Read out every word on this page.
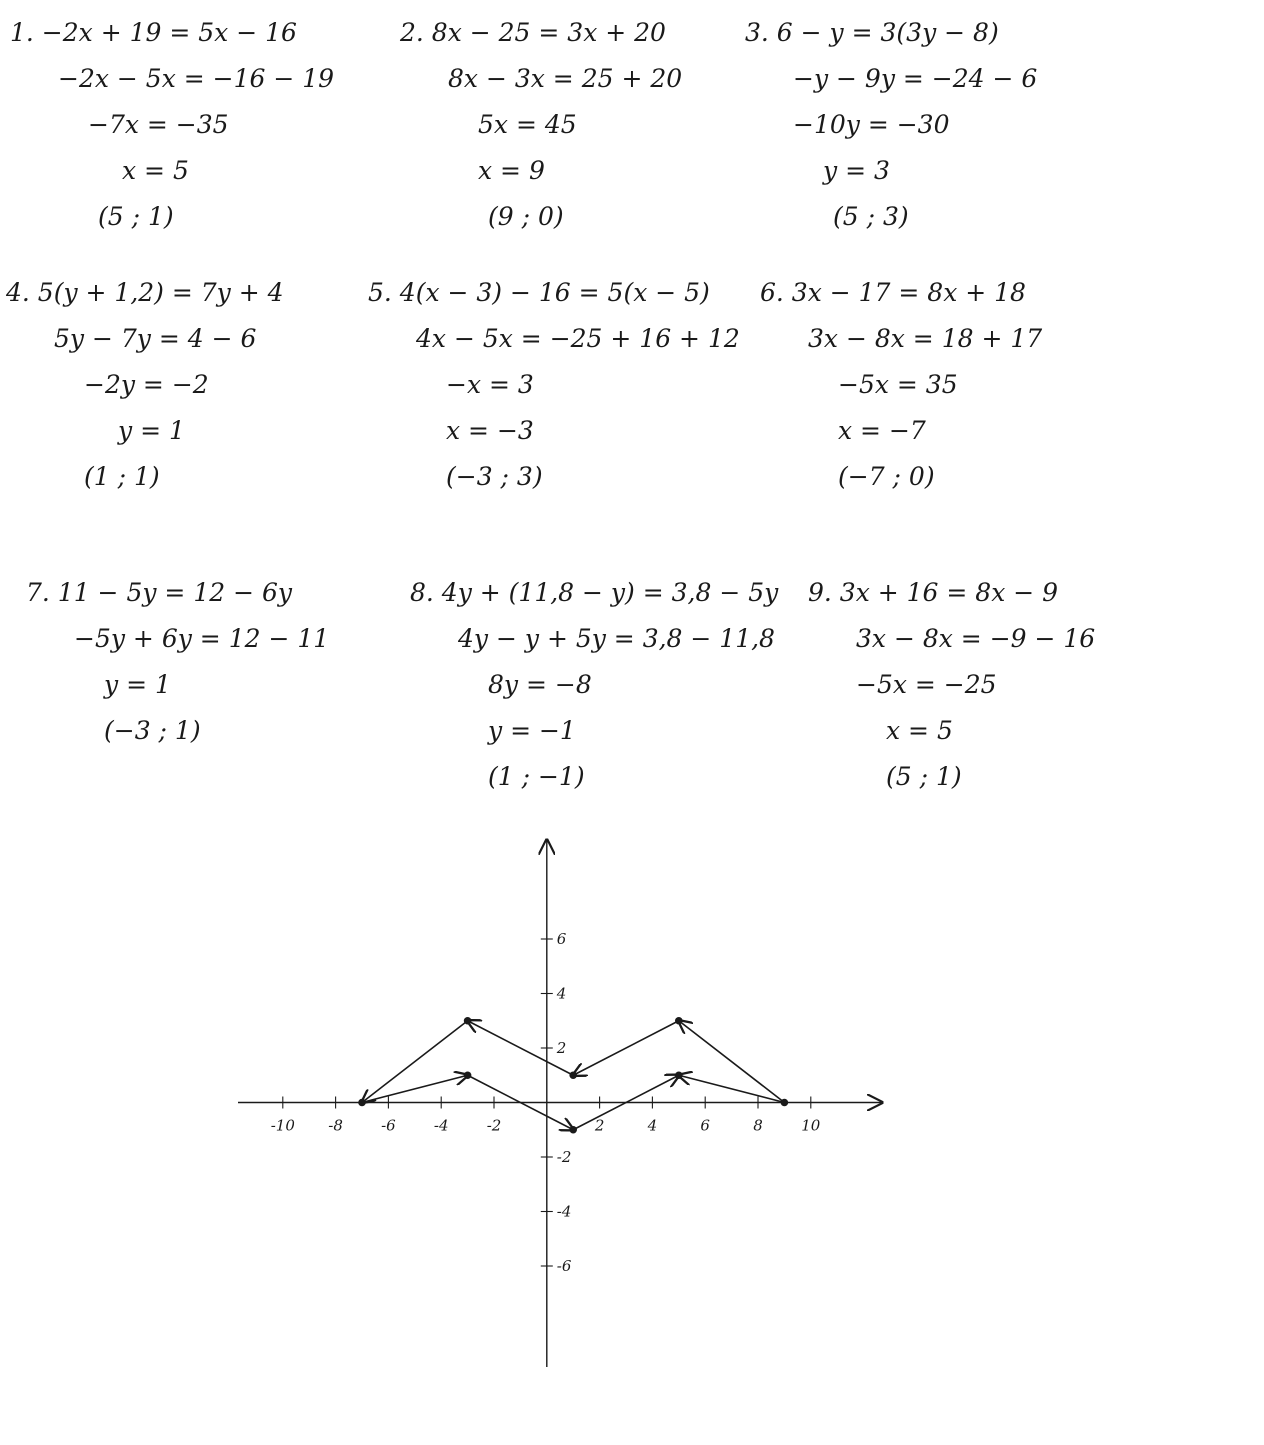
1. −2x + 19 = 5x − 16
−2x − 5x = −16 − 19
−7x = −35
x = 5
(5 ; 1)
2. 8x − 25 = 3x + 20
8x − 3x = 25 + 20
5x = 45
x = 9
(9 ; 0)
3. 6 − y = 3(3y − 8)
−y − 9y = −24 − 6
−10y = −30
y = 3
(5 ; 3)
4. 5(y + 1,2) = 7y + 4
5y − 7y = 4 − 6
−2y = −2
y = 1
(1 ; 1)
5. 4(x − 3) − 16 = 5(x − 5)
4x − 5x = −25 + 16 + 12
−x = 3
x = −3
(−3 ; 3)
6. 3x − 17 = 8x + 18
3x − 8x = 18 + 17
−5x = 35
x = −7
(−7 ; 0)
7. 11 − 5y = 12 − 6y
−5y + 6y = 12 − 11
y = 1
(−3 ; 1)
8. 4y + (11,8 − y) = 3,8 − 5y
4y − y + 5y = 3,8 − 11,8
8y = −8
y = −1
(1 ; −1)
9. 3x + 16 = 8x − 9
3x − 8x = −9 − 16
−5x = −25
x = 5
(5 ; 1)
-10 -8	-6	-4	-2	2	4	6	8	10
6
4
2
-2
-4
-6
